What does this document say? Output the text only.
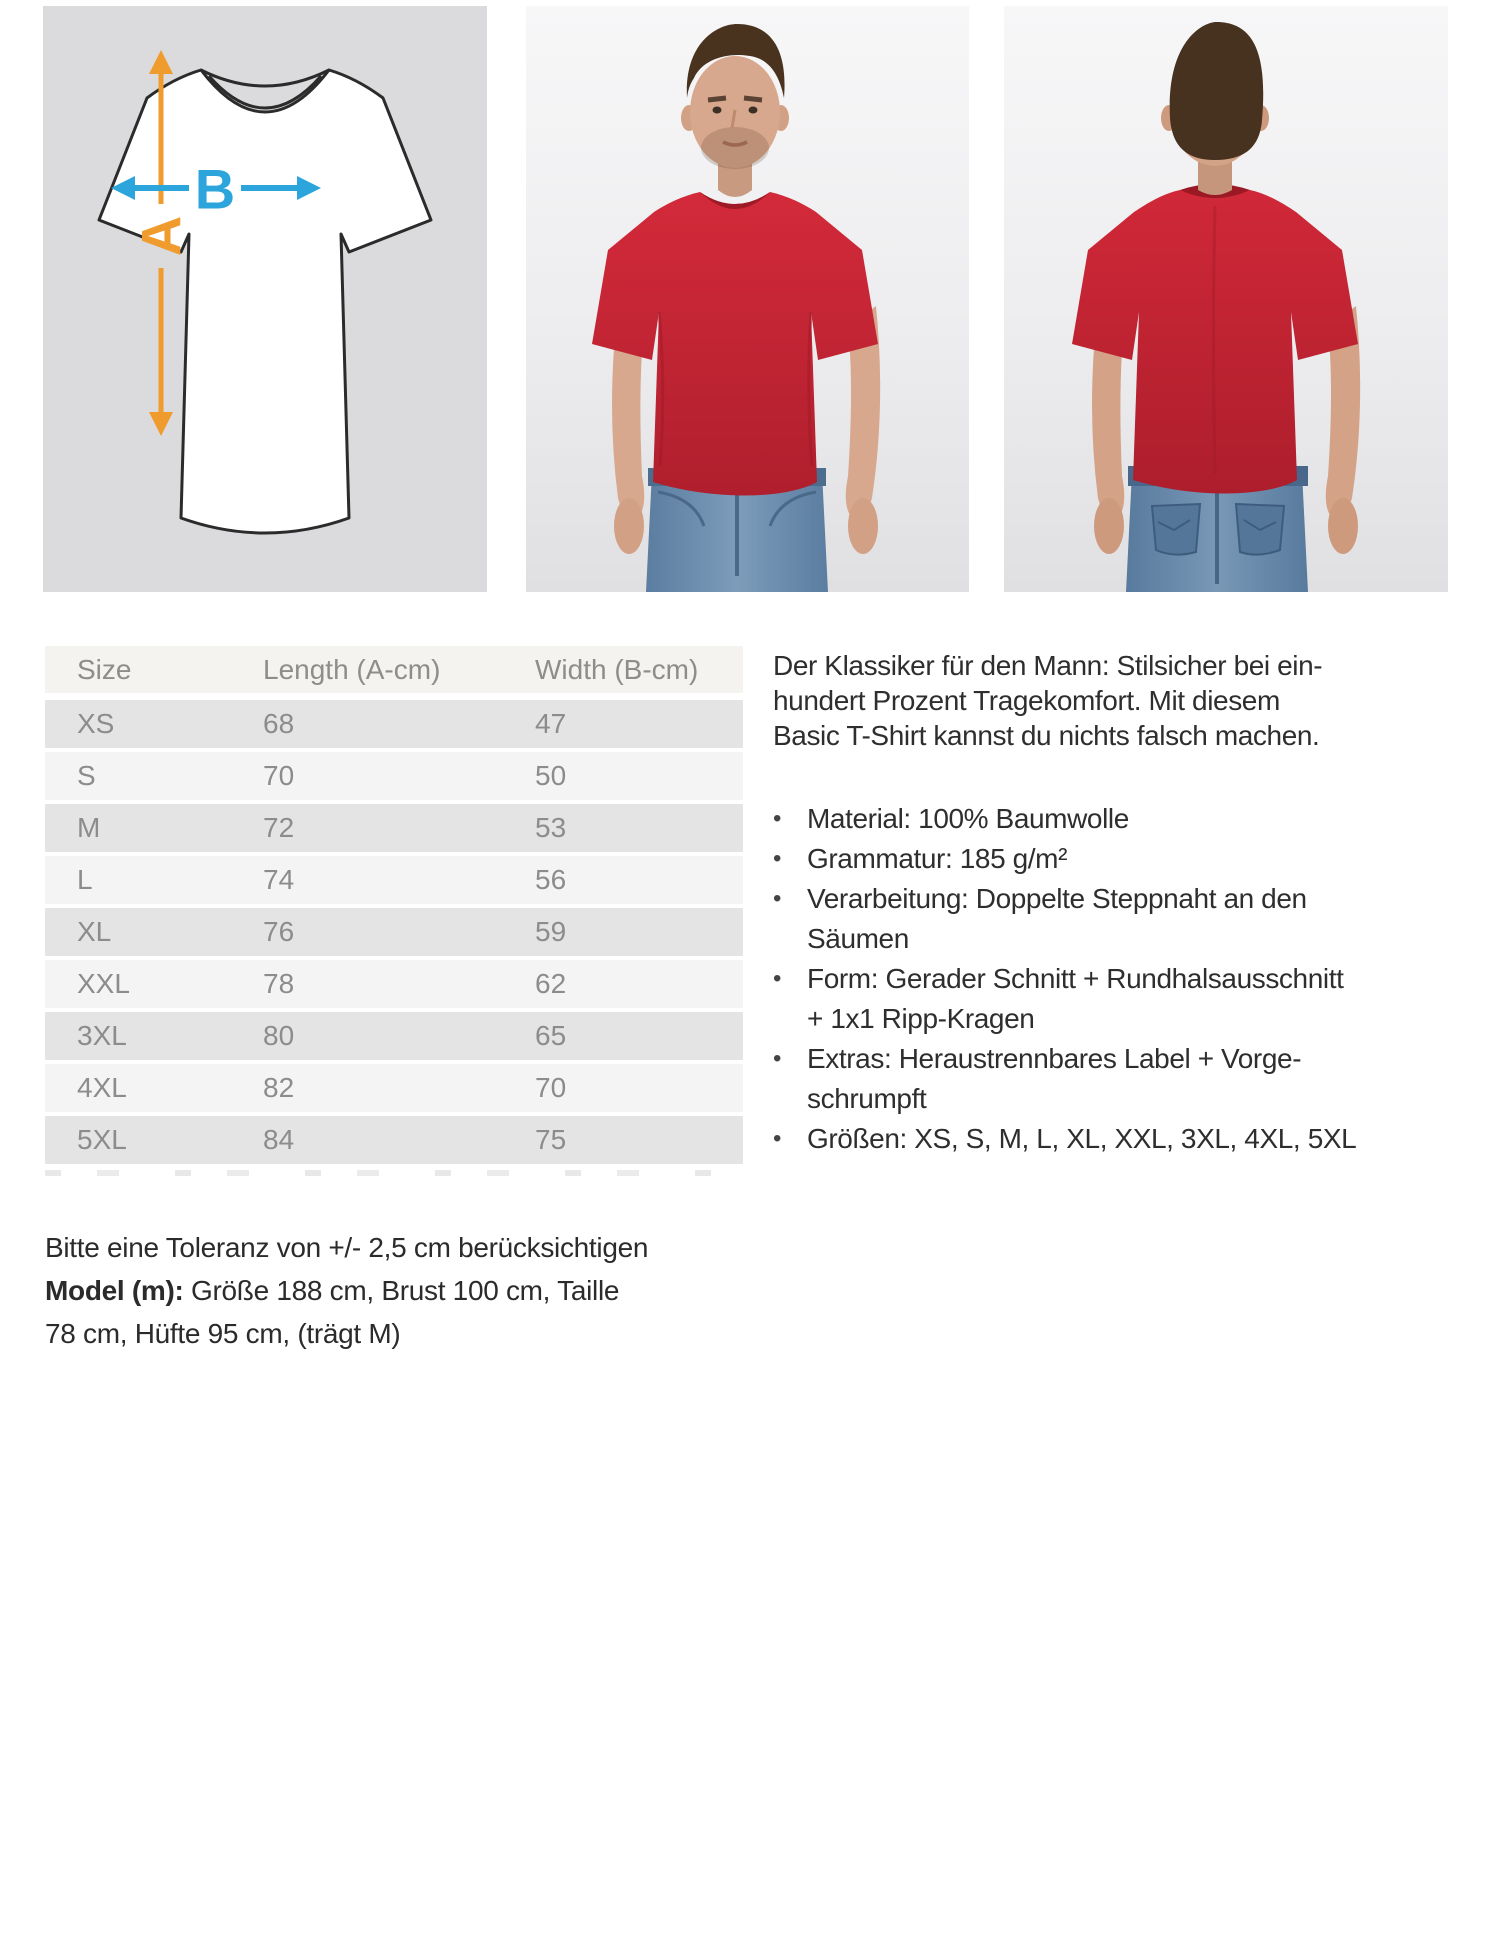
A
B
Size	Length (A-cm)	Width (B-cm)
XS	68	47
S	70	50
M	72	53
L	74	56
XL	76	59
XXL	78	62
3XL	80	65
4XL	82	70
5XL	84	75
Bitte eine Toleranz von +/- 2,5 cm berücksichtigen
Model (m): Größe 188 cm, Brust 100 cm, Taille
78 cm, Hüfte 95 cm, (trägt M)
Der Klassiker für den Mann: Stilsicher bei ein-
hundert Prozent Tragekomfort. Mit diesem
Basic T-Shirt kannst du nichts falsch machen.
• Material: 100% Baumwolle
• Grammatur: 185 g/m²
• Verarbeitung: Doppelte Steppnaht an den
Säumen
• Form: Gerader Schnitt + Rundhalsausschnitt
+ 1x1 Ripp-Kragen
• Extras: Heraustrennbares Label + Vorge-
schrumpft
• Größen: XS, S, M, L, XL, XXL, 3XL, 4XL, 5XL
